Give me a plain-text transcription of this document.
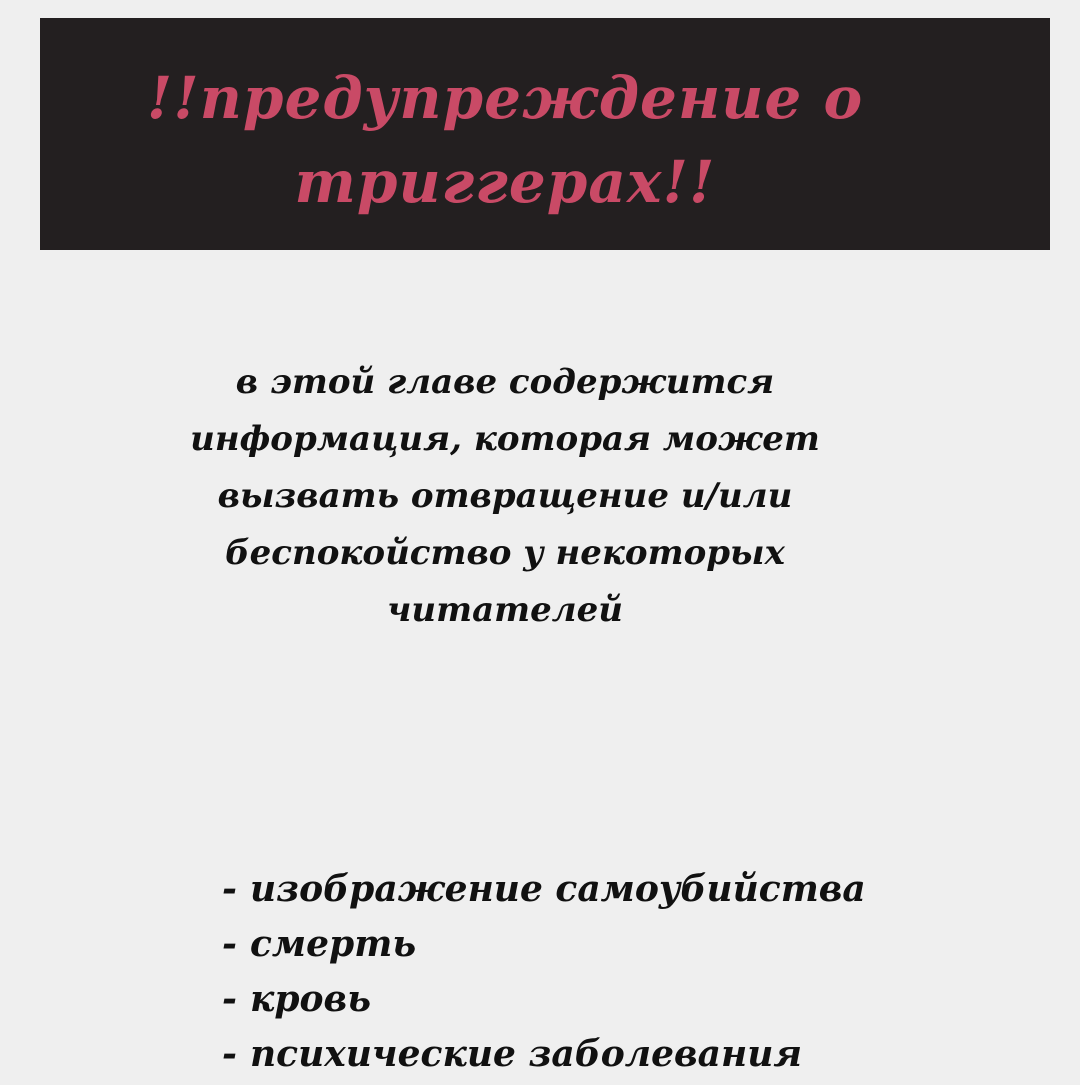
!!предупреждение о
триггерах!!

в этой главе содержится
информация, которая может
вызвать отвращение и/или
беспокойство у некоторых
читателей

- изображение самоубийства
- смерть
- кровь
- психические заболевания
